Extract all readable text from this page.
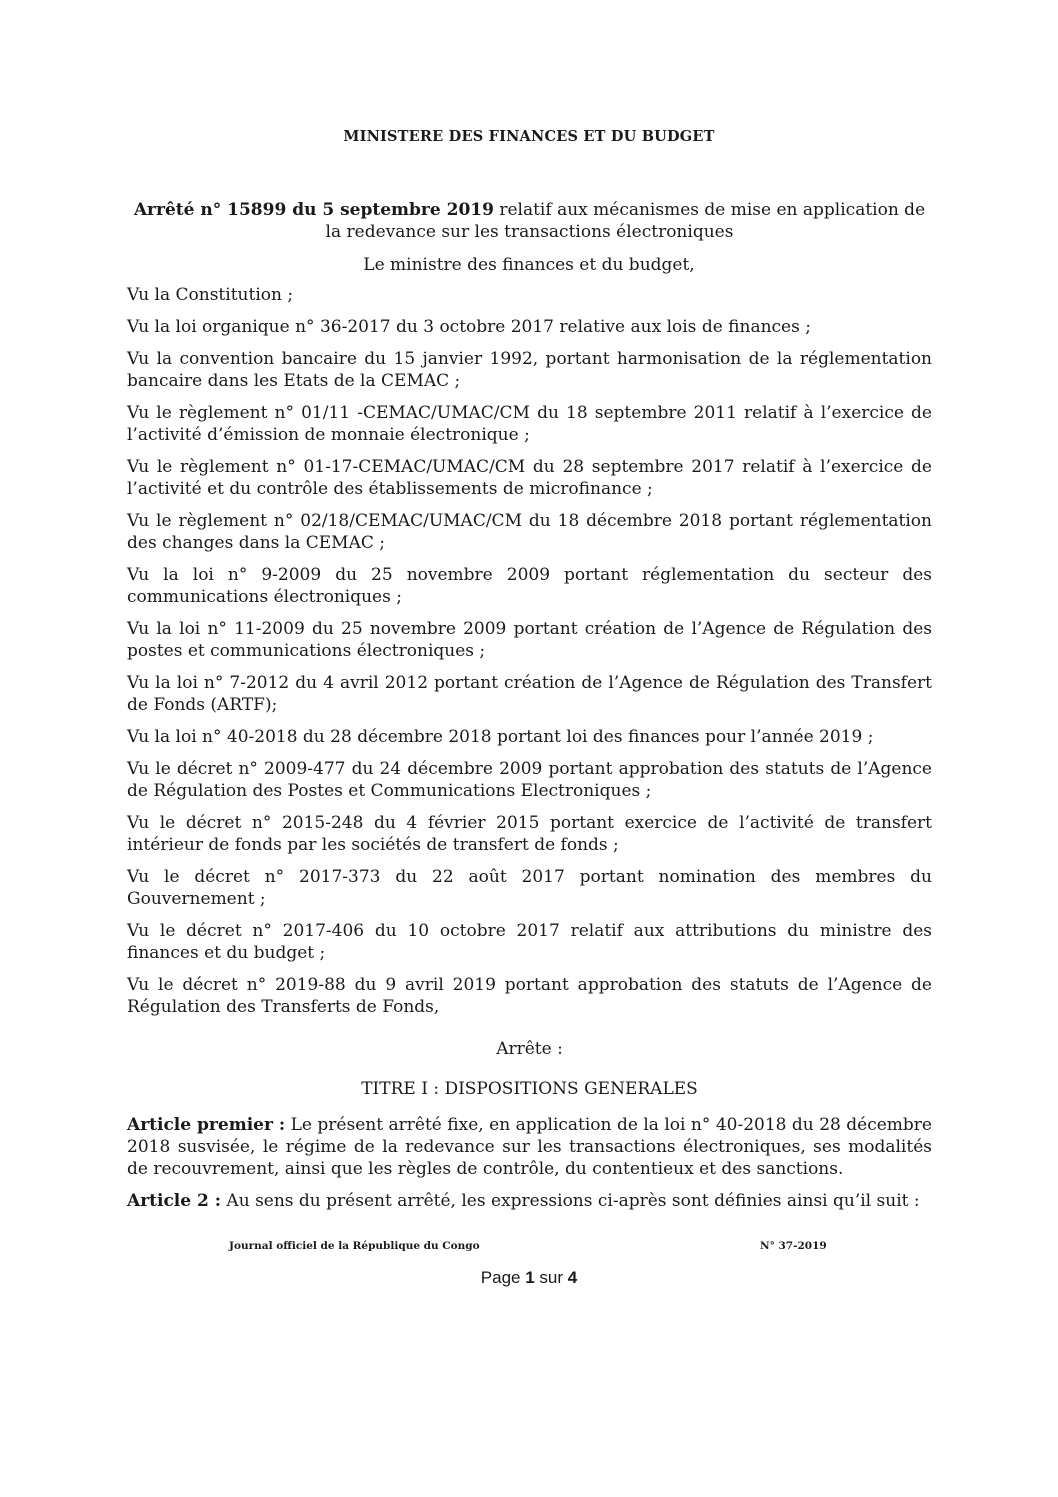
MINISTERE DES FINANCES ET DU BUDGET
Arrêté n° 15899 du 5 septembre 2019 relatif aux mécanismes de mise en application de la redevance sur les transactions électroniques
Le ministre des finances et du budget,

Vu la Constitution ;

Vu la loi organique n° 36-2017 du 3 octobre 2017 relative aux lois de finances ;

Vu la convention bancaire du 15 janvier 1992, portant harmonisation de la réglementation bancaire dans les Etats de la CEMAC ;

Vu le règlement n° 01/11 -CEMAC/UMAC/CM du 18 septembre 2011 relatif à l’exercice de l’activité d’émission de monnaie électronique ;

Vu le règlement n° 01-17-CEMAC/UMAC/CM du 28 septembre 2017 relatif à l’exercice de l’activité et du contrôle des établissements de microfinance ;

Vu le règlement n° 02/18/CEMAC/UMAC/CM du 18 décembre 2018 portant réglementation des changes dans la CEMAC ;

Vu la loi n° 9-2009 du 25 novembre 2009 portant réglementation du secteur des communications électroniques ;

Vu la loi n° 11-2009 du 25 novembre 2009 portant création de l’Agence de Régulation des postes et communications électroniques ;

Vu la loi n° 7-2012 du 4 avril 2012 portant création de l’Agence de Régulation des Transfert de Fonds (ARTF);

Vu la loi n° 40-2018 du 28 décembre 2018 portant loi des finances pour l’année 2019 ;

Vu le décret n° 2009-477 du 24 décembre 2009 portant approbation des statuts de l’Agence de Régulation des Postes et Communications Electroniques ;

Vu le décret n° 2015-248 du 4 février 2015 portant exercice de l’activité de transfert intérieur de fonds par les sociétés de transfert de fonds ;

Vu le décret n° 2017-373 du 22 août 2017 portant nomination des membres du Gouvernement ;

Vu le décret n° 2017-406 du 10 octobre 2017 relatif aux attributions du ministre des finances et du budget ;

Vu le décret n° 2019-88 du 9 avril 2019 portant approbation des statuts de l’Agence de Régulation des Transferts de Fonds,

Arrête :

TITRE I : DISPOSITIONS GENERALES

Article premier : Le présent arrêté fixe, en application de la loi n° 40-2018 du 28 décembre 2018 susvisée, le régime de la redevance sur les transactions électroniques, ses modalités de recouvrement, ainsi que les règles de contrôle, du contentieux et des sanctions.

Article 2 : Au sens du présent arrêté, les expressions ci-après sont définies ainsi qu’il suit :

Journal officiel de la République du Congo	N° 37-2019
Page 1 sur 4
